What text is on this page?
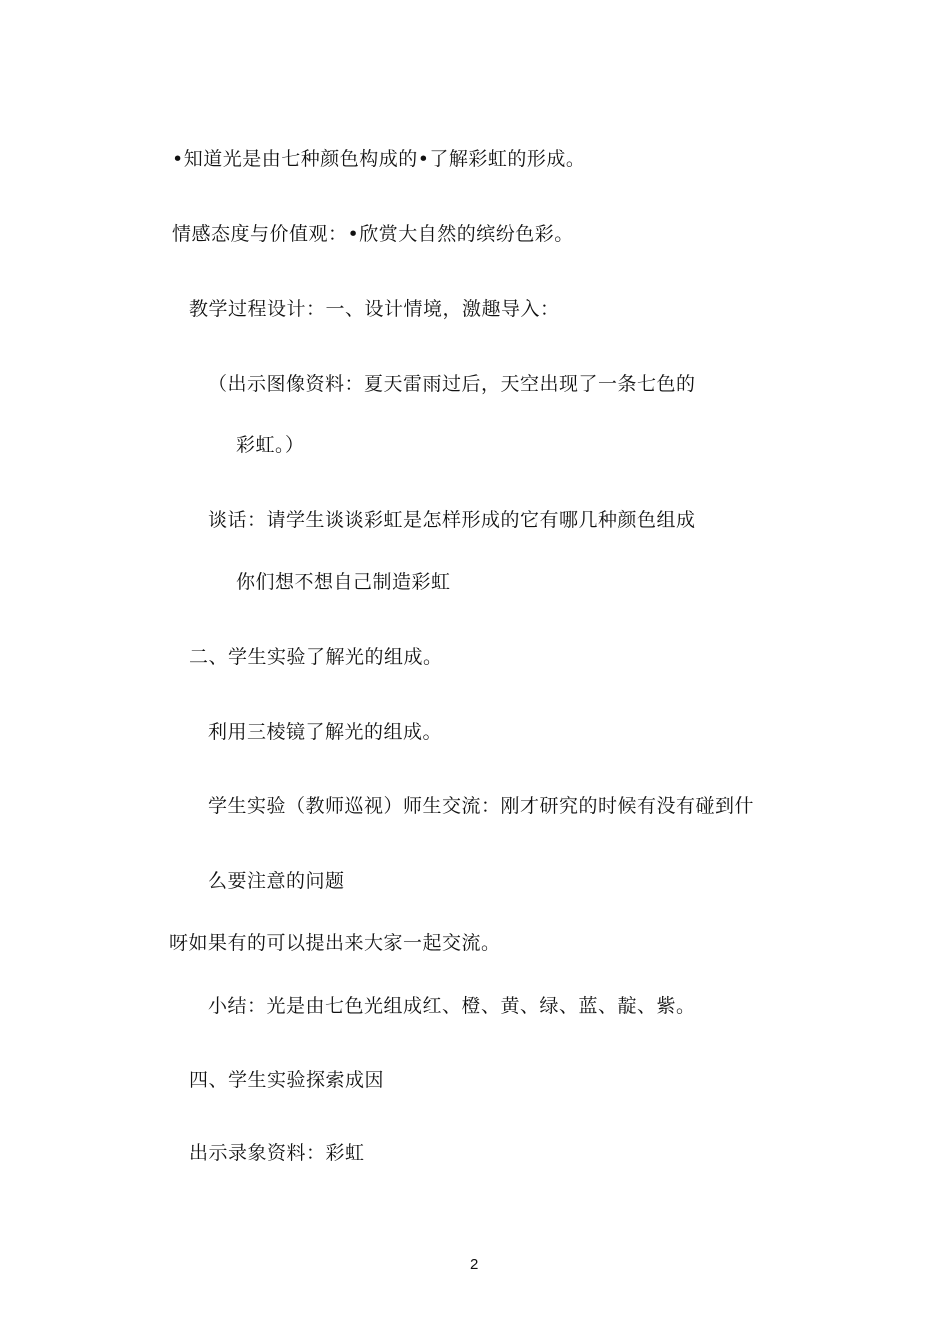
•知道光是由七种颜色构成的•了解彩虹的形成。
情感态度与价值观：•欣赏大自然的缤纷色彩。
教学过程设计：一、设计情境，激趣导入：
（出示图像资料：夏天雷雨过后，天空出现了一条七色的
彩虹。）
谈话：请学生谈谈彩虹是怎样形成的它有哪几种颜色组成
你们想不想自己制造彩虹
二、学生实验了解光的组成。
利用三棱镜了解光的组成。
学生实验（教师巡视）师生交流：刚才研究的时候有没有碰到什
么要注意的问题
呀如果有的可以提出来大家一起交流。
小结：光是由七色光组成红、橙、黄、绿、蓝、靛、紫。
四、学生实验探索成因
出示录象资料：彩虹
2
